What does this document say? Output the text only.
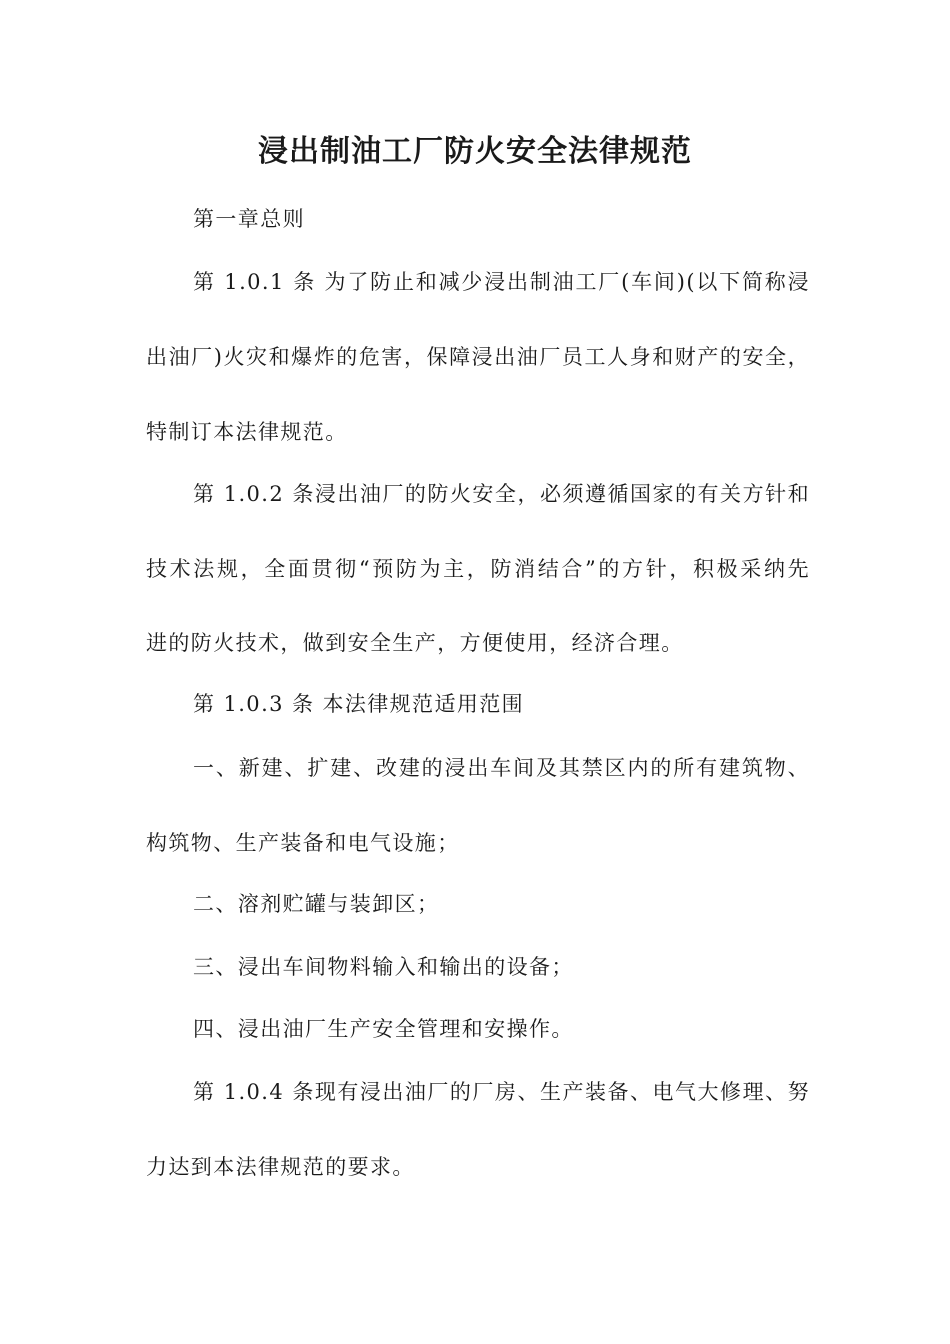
浸出制油工厂防火安全法律规范

第一章总则

第 1.0.1 条 为了防止和减少浸出制油工厂(车间)(以下简称浸

出油厂)火灾和爆炸的危害，保障浸出油厂员工人身和财产的安全，

特制订本法律规范。

第 1.0.2 条浸出油厂的防火安全，必须遵循国家的有关方针和

技术法规，全面贯彻“预防为主，防消结合”的方针，积极采纳先

进的防火技术，做到安全生产，方便使用，经济合理。

第 1.0.3 条 本法律规范适用范围

一、新建、扩建、改建的浸出车间及其禁区内的所有建筑物、

构筑物、生产装备和电气设施；

二、溶剂贮罐与装卸区；

三、浸出车间物料输入和输出的设备；

四、浸出油厂生产安全管理和安操作。

第 1.0.4 条现有浸出油厂的厂房、生产装备、电气大修理、努

力达到本法律规范的要求。
